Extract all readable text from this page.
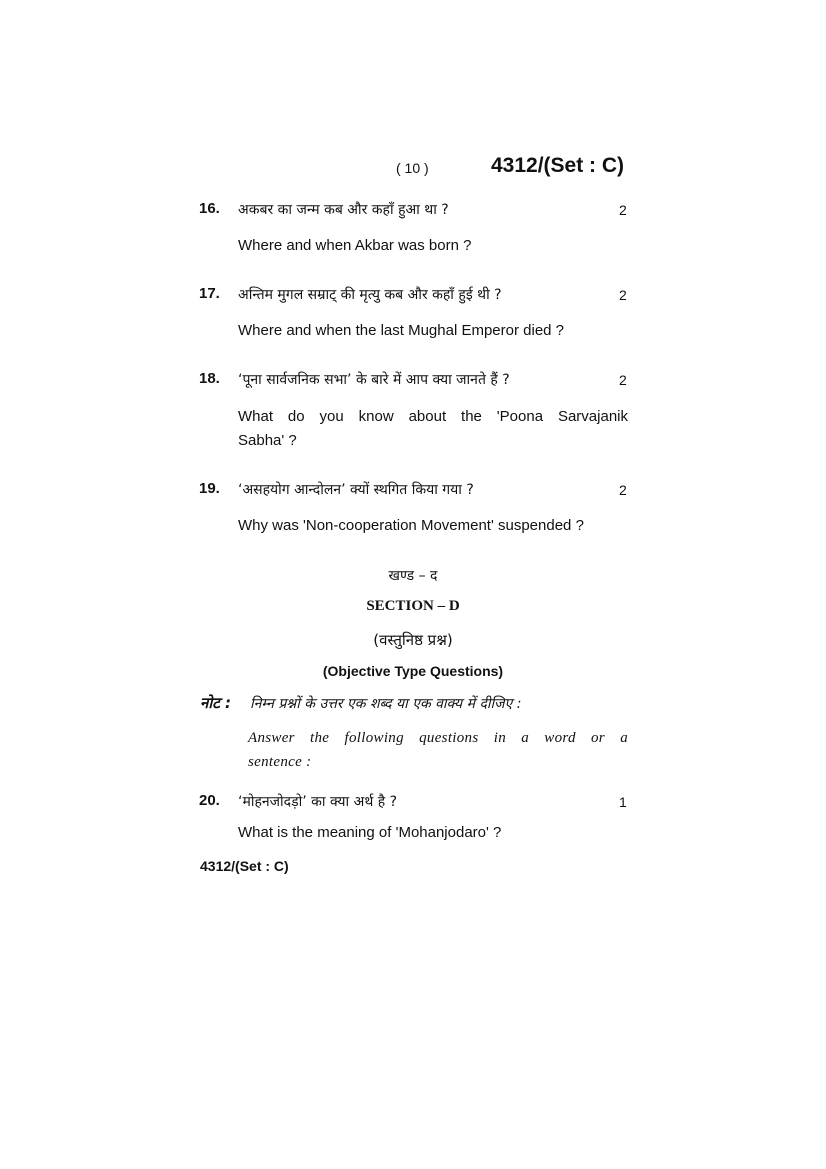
( 10 )	4312/(Set : C)
16. अकबर का जन्म कब और कहाँ हुआ था ?	2
Where and when Akbar was born ?
17. अन्तिम मुगल सम्राट् की मृत्यु कब और कहाँ हुई थी ?	2
Where and when the last Mughal Emperor died ?
18. ‘पूना सार्वजनिक सभा’ के बारे में आप क्या जानते हैं ?	2
What do you know about the 'Poona Sarvajanik
Sabha' ?
19. ‘असहयोग आन्दोलन’ क्यों स्थगित किया गया ?	2
Why was 'Non-cooperation Movement' suspended ?
खण्ड – द
SECTION – D
(वस्तुनिष्ठ प्रश्न)
(Objective Type Questions)
नोट : निम्न प्रश्नों के उत्तर एक शब्द या एक वाक्य में दीजिए :
Answer the following questions in a word or a
sentence :
20. ‘मोहनजोदड़ो’ का क्या अर्थ है ?	1
What is the meaning of 'Mohanjodaro' ?
4312/(Set : C)
